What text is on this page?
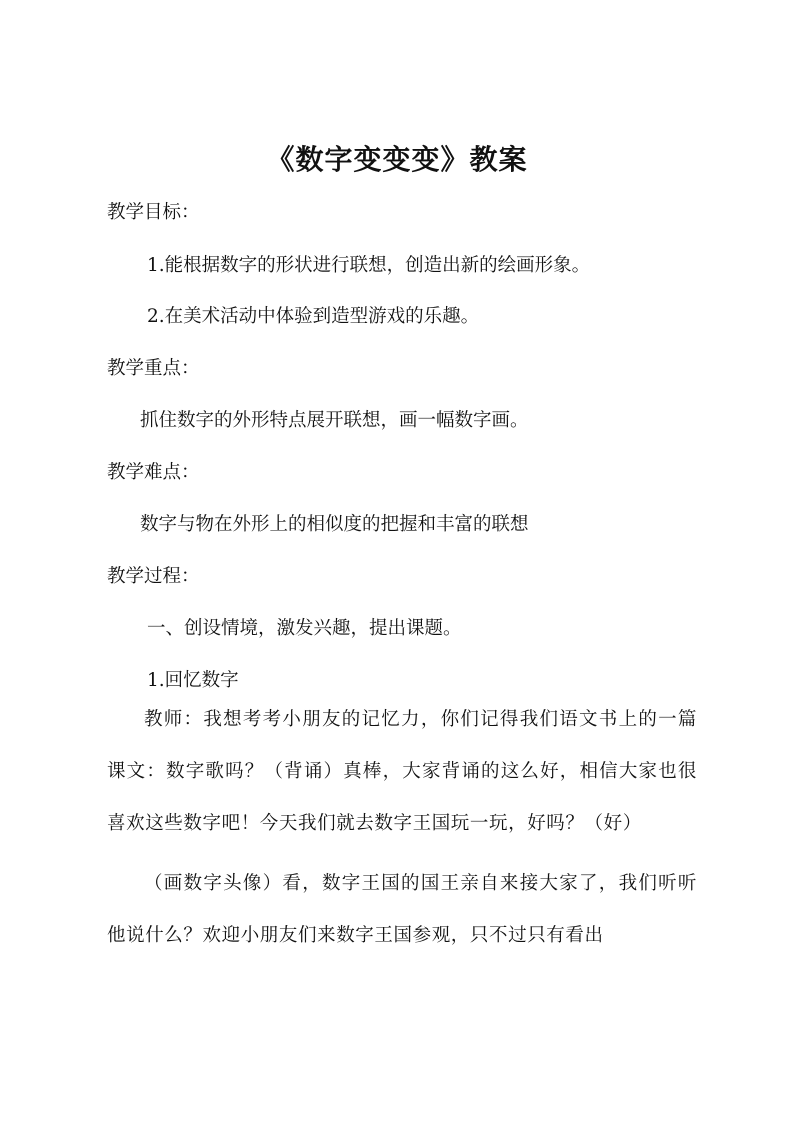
《数字变变变》教案

教学目标：

1.能根据数字的形状进行联想，创造出新的绘画形象。

2.在美术活动中体验到造型游戏的乐趣。

教学重点：

抓住数字的外形特点展开联想，画一幅数字画。

教学难点：

数字与物在外形上的相似度的把握和丰富的联想

教学过程：

一、创设情境，激发兴趣，提出课题。

1.回忆数字

教师：我想考考小朋友的记忆力，你们记得我们语文书上的一篇课文：数字歌吗？（背诵）真棒，大家背诵的这么好，相信大家也很喜欢这些数字吧！今天我们就去数字王国玩一玩，好吗？（好）

（画数字头像）看，数字王国的国王亲自来接大家了，我们听听他说什么？欢迎小朋友们来数字王国参观，只不过只有看出
